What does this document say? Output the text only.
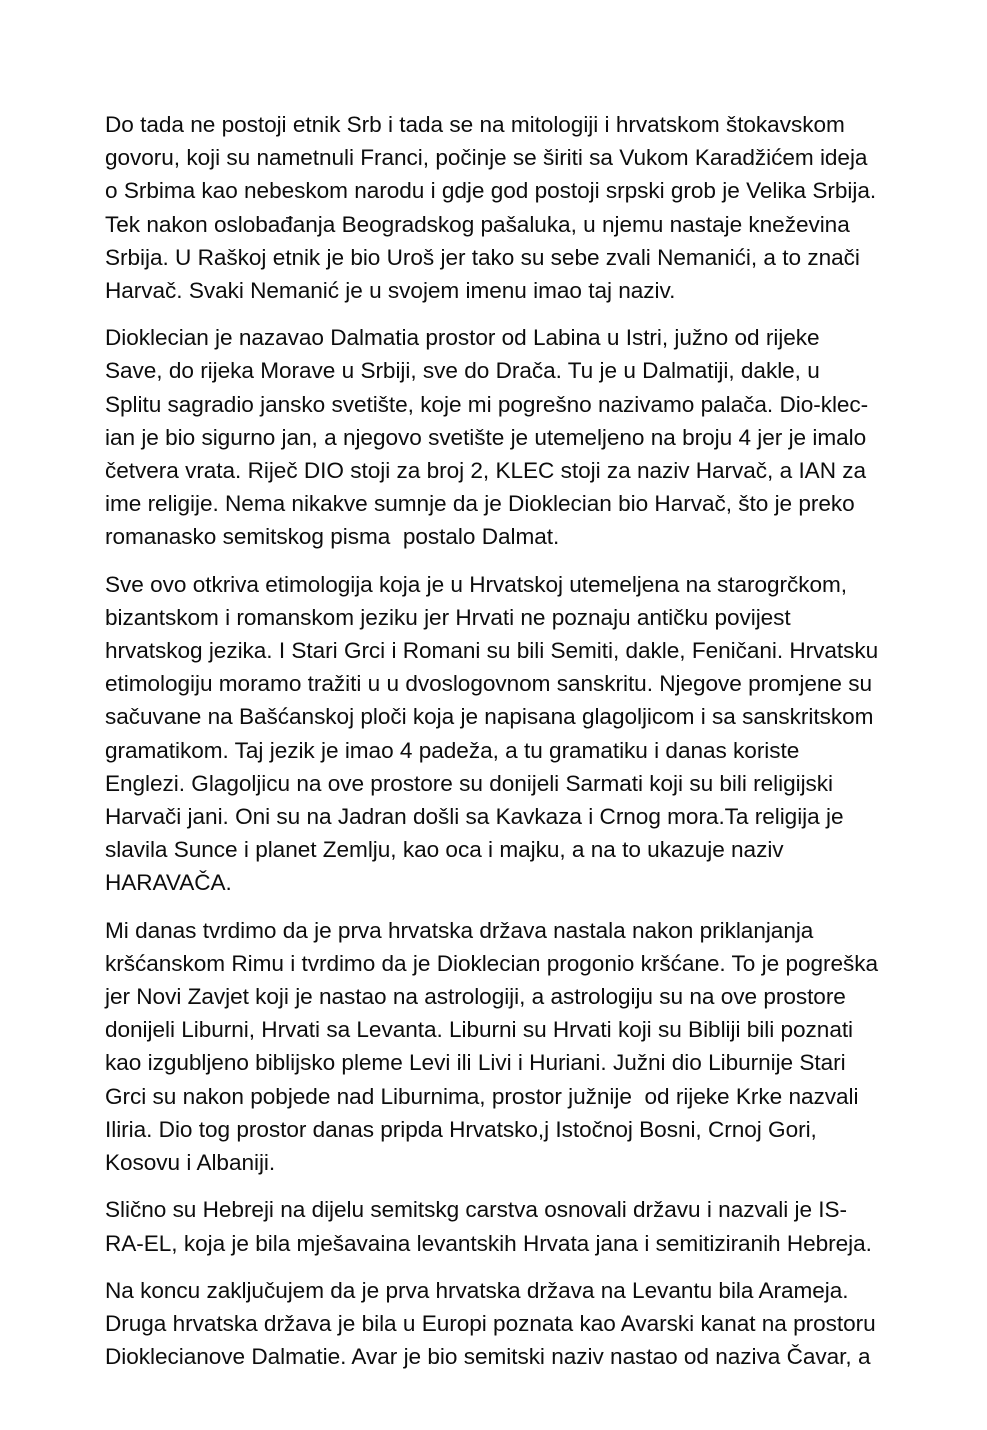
Do tada ne postoji etnik Srb i tada se na mitologiji i hrvatskom štokavskom govoru, koji su nametnuli Franci, počinje se širiti sa Vukom Karadžićem ideja o Srbima kao nebeskom narodu i gdje god postoji srpski grob je Velika Srbija. Tek nakon oslobađanja Beogradskog pašaluka, u njemu nastaje kneževina Srbija. U Raškoj etnik je bio Uroš jer tako su sebe zvali Nemanići, a to znači Harvač. Svaki Nemanić je u svojem imenu imao taj naziv.

Dioklecian je nazavao Dalmatia prostor od Labina u Istri, južno od rijeke Save, do rijeka Morave u Srbiji, sve do Drača. Tu je u Dalmatiji, dakle, u Splitu sagradio jansko svetište, koje mi pogrešno nazivamo palača. Dio-klec-ian je bio sigurno jan, a njegovo svetište je utemeljeno na broju 4 jer je imalo četvera vrata. Riječ DIO stoji za broj 2, KLEC stoji za naziv Harvač, a IAN za ime religije. Nema nikakve sumnje da je Dioklecian bio Harvač, što je preko romanasko semitskog pisma  postalo Dalmat.

Sve ovo otkriva etimologija koja je u Hrvatskoj utemeljena na starogrčkom, bizantskom i romanskom jeziku jer Hrvati ne poznaju antičku povijest hrvatskog jezika. I Stari Grci i Romani su bili Semiti, dakle, Feničani. Hrvatsku etimologiju moramo tražiti u u dvoslogovnom sanskritu. Njegove promjene su sačuvane na Bašćanskoj ploči koja je napisana glagoljicom i sa sanskritskom gramatikom. Taj jezik je imao 4 padeža, a tu gramatiku i danas koriste Englezi. Glagoljicu na ove prostore su donijeli Sarmati koji su bili religijski Harvači jani. Oni su na Jadran došli sa Kavkaza i Crnog mora.Ta religija je slavila Sunce i planet Zemlju, kao oca i majku, a na to ukazuje naziv HARAVAČA.

Mi danas tvrdimo da je prva hrvatska država nastala nakon priklanjanja kršćanskom Rimu i tvrdimo da je Dioklecian progonio kršćane. To je pogreška jer Novi Zavjet koji je nastao na astrologiji, a astrologiju su na ove prostore donijeli Liburni, Hrvati sa Levanta. Liburni su Hrvati koji su Bibliji bili poznati kao izgubljeno biblijsko pleme Levi ili Livi i Huriani. Južni dio Liburnije Stari Grci su nakon pobjede nad Liburnima, prostor južnije  od rijeke Krke nazvali Iliria. Dio tog prostor danas pripda Hrvatsko,j Istočnoj Bosni, Crnoj Gori, Kosovu i Albaniji.

Slično su Hebreji na dijelu semitskg carstva osnovali državu i nazvali je IS-RA-EL, koja je bila mješavaina levantskih Hrvata jana i semitiziranih Hebreja.

Na koncu zaključujem da je prva hrvatska država na Levantu bila Arameja. Druga hrvatska država je bila u Europi poznata kao Avarski kanat na prostoru Dioklecianove Dalmatie. Avar je bio semitski naziv nastao od naziva Čavar, a
